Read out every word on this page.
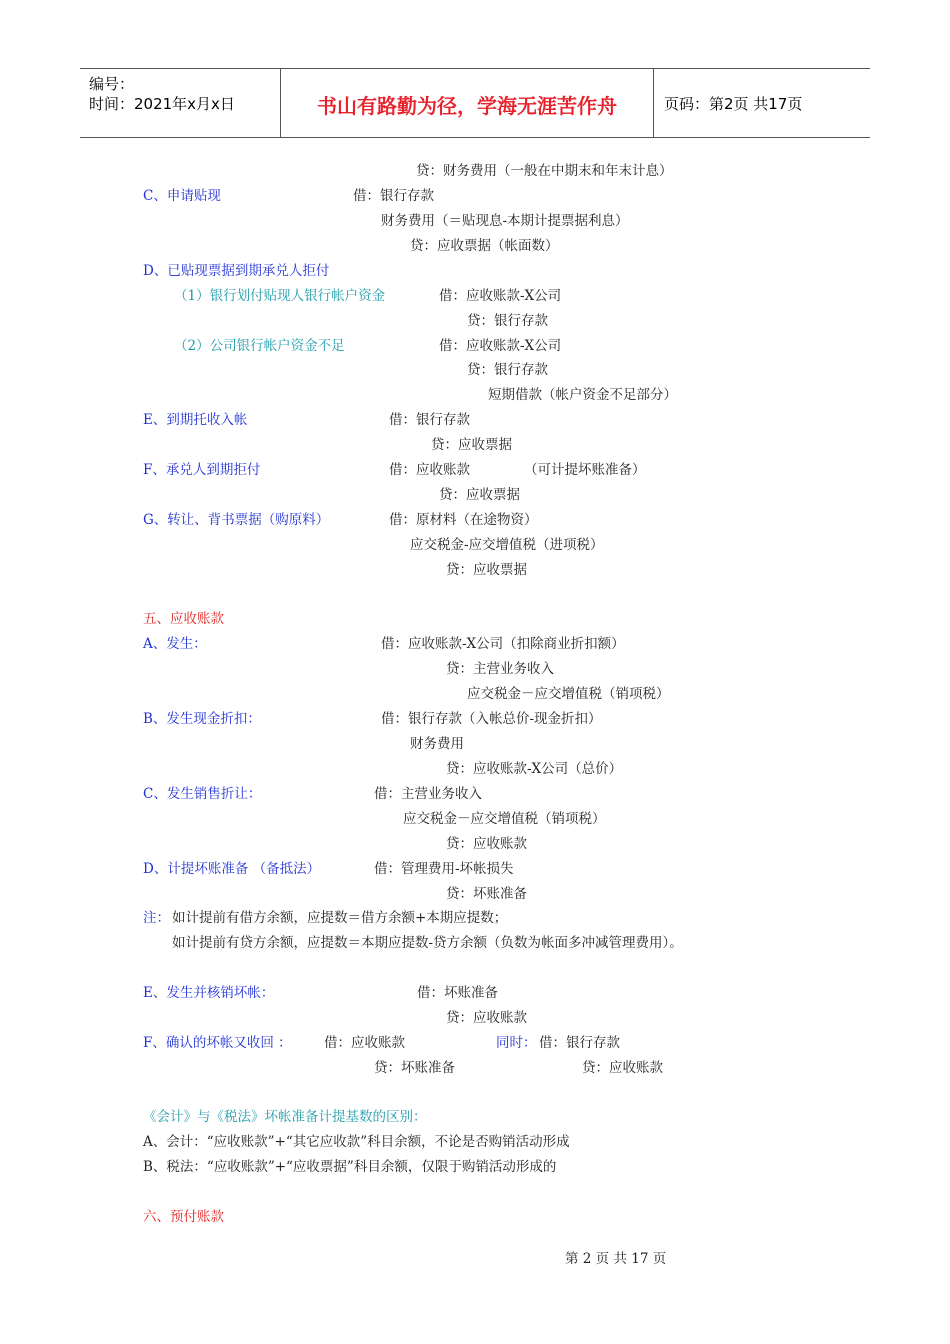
编号：
时间：2021年x月x日	书山有路勤为径，学海无涯苦作舟	页码：第2页 共17页
贷：财务费用（一般在中期末和年末计息）
C、申请贴现	借：银行存款
财务费用（＝贴现息-本期计提票据利息）
贷：应收票据（帐面数）
D、已贴现票据到期承兑人拒付
（1）银行划付贴现人银行帐户资金	借：应收账款-X公司
贷：银行存款
（2）公司银行帐户资金不足	借：应收账款-X公司
贷：银行存款
短期借款（帐户资金不足部分）
E、到期托收入帐	借：银行存款
贷：应收票据
F、承兑人到期拒付	借：应收账款	（可计提坏账准备）
贷：应收票据
G、转让、背书票据（购原料）	借：原材料（在途物资）
应交税金-应交增值税（进项税）
贷：应收票据
五、应收账款
A、发生：	借：应收账款-X公司（扣除商业折扣额）
贷：主营业务收入
应交税金－应交增值税（销项税）
B、发生现金折扣：	借：银行存款（入帐总价-现金折扣）
财务费用
贷：应收账款-X公司（总价）
C、发生销售折让：	借：主营业务收入
应交税金－应交增值税（销项税）
贷：应收账款
D、计提坏账准备 （备抵法）	借：管理费用-坏帐损失
贷：坏账准备
注： 如计提前有借方余额，应提数＝借方余额+本期应提数；
如计提前有贷方余额，应提数＝本期应提数-贷方余额（负数为帐面多冲减管理费用）。
E、发生并核销坏帐：	借：坏账准备
贷：应收账款
F、确认的坏帐又收回 ： 借：应收账款	同时： 借：银行存款
贷：坏账准备	贷：应收账款
《会计》与《税法》坏帐准备计提基数的区别：
A、会计：“应收账款”+“其它应收款”科目余额，不论是否购销活动形成
B、税法：“应收账款”+“应收票据”科目余额，仅限于购销活动形成的
六、预付账款
第 2 页 共 17 页
